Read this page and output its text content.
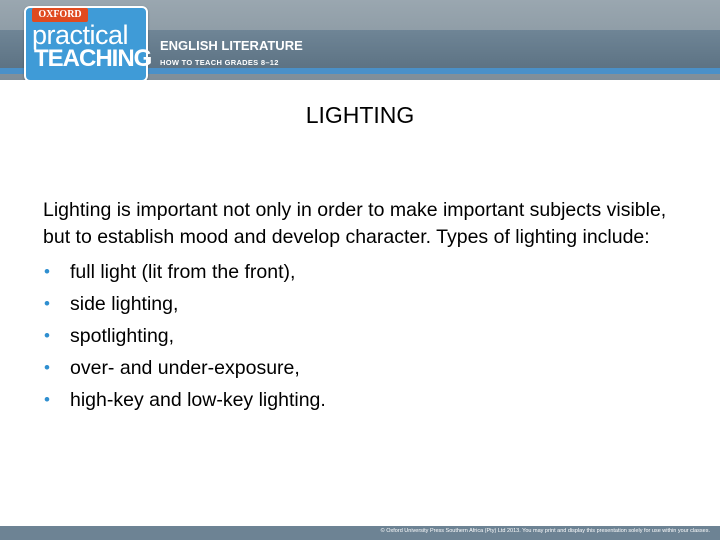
OXFORD
practical
TEACHING ENGLISH LITERATURE
HOW TO TEACH GRADES 8–12
LIGHTING

Lighting is important not only in order to make important subjects visible, but to establish mood and develop character. Types of lighting include:

• full light (lit from the front),
• side lighting,
• spotlighting,
• over- and under-exposure,
• high-key and low-key lighting.
© Oxford University Press Southern Africa (Pty) Ltd 2013. You may print and display this presentation solely for use within your classes.
